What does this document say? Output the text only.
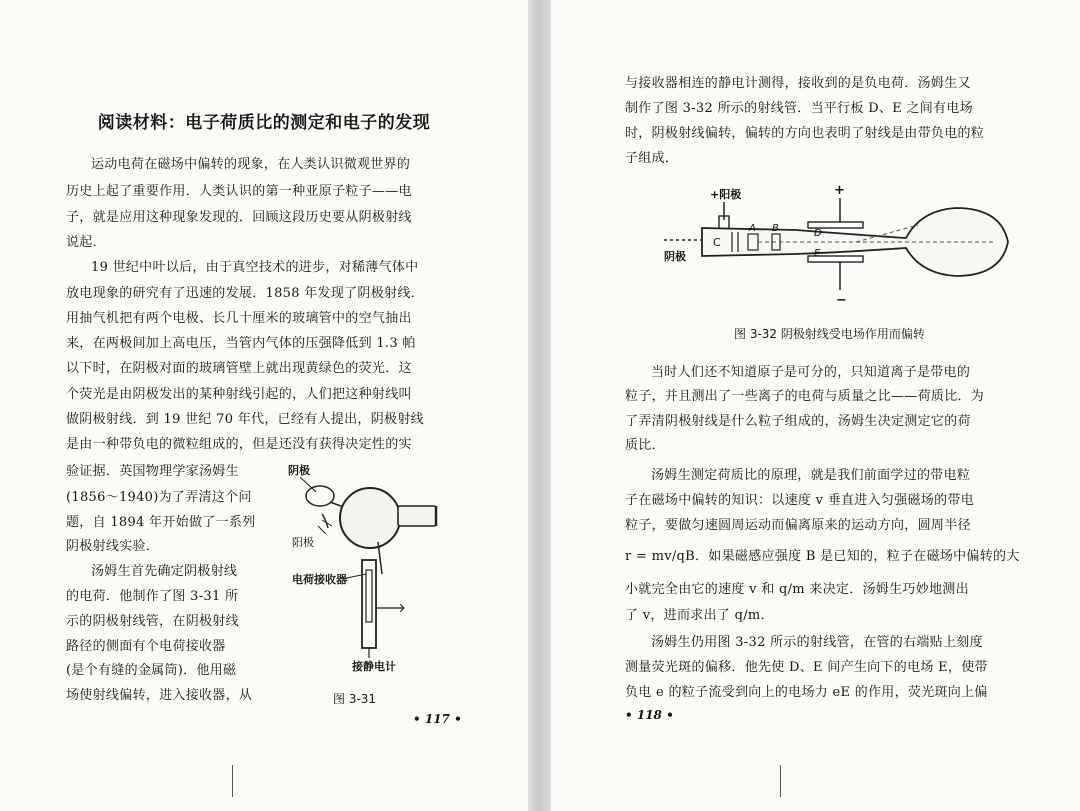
阅读材料：电子荷质比的测定和电子的发现
运动电荷在磁场中偏转的现象，在人类认识微观世界的
历史上起了重要作用．人类认识的第一种亚原子粒子——电
子，就是应用这种现象发现的．回顾这段历史要从阴极射线
说起．
19 世纪中叶以后，由于真空技术的进步，对稀薄气体中
放电现象的研究有了迅速的发展．1858 年发现了阴极射线．
用抽气机把有两个电极、长几十厘米的玻璃管中的空气抽出
来，在两极间加上高电压，当管内气体的压强降低到 1.3 帕
以下时，在阴极对面的玻璃管壁上就出现黄绿色的荧光．这
个荧光是由阴极发出的某种射线引起的，人们把这种射线叫
做阴极射线．到 19 世纪 70 年代，已经有人提出，阴极射线
是由一种带负电的微粒组成的，但是还没有获得决定性的实
验证据．英国物理学家汤姆生
(1856～1940)为了弄清这个问
题，自 1894 年开始做了一系列
阴极射线实验．
汤姆生首先确定阴极射线
的电荷．他制作了图 3-31 所
示的阴极射线管，在阴极射线
路径的侧面有个电荷接收器
(是个有缝的金属筒)．他用磁
场使射线偏转，进入接收器，从
阴极
阳极
电荷接收器
接静电计
图 3-31
• 117 •
与接收器相连的静电计测得，接收到的是负电荷．汤姆生又
制作了图 3-32 所示的射线管．当平行板 D、E 之间有电场
时，阴极射线偏转，偏转的方向也表明了射线是由带负电的粒
子组成．
+阳极
阴极
C
A B	D
E
+
−
图 3-32 阴极射线受电场作用而偏转
当时人们还不知道原子是可分的，只知道离子是带电的
粒子，并且测出了一些离子的电荷与质量之比——荷质比．为
了弄清阴极射线是什么粒子组成的，汤姆生决定测定它的荷
质比．
汤姆生测定荷质比的原理，就是我们前面学过的带电粒
子在磁场中偏转的知识：以速度 v 垂直进入匀强磁场的带电
粒子，要做匀速圆周运动而偏离原来的运动方向，圆周半径
r = mv/qB．如果磁感应强度 B 是已知的，粒子在磁场中偏转的大
小就完全由它的速度 v 和 q/m 来决定．汤姆生巧妙地测出
了 v，进而求出了 q/m．
汤姆生仍用图 3-32 所示的射线管，在管的右端贴上刻度
测量荧光斑的偏移．他先使 D、E 间产生向下的电场 E，使带
负电 e 的粒子流受到向上的电场力 eE 的作用，荧光斑向上偏
• 118 •
